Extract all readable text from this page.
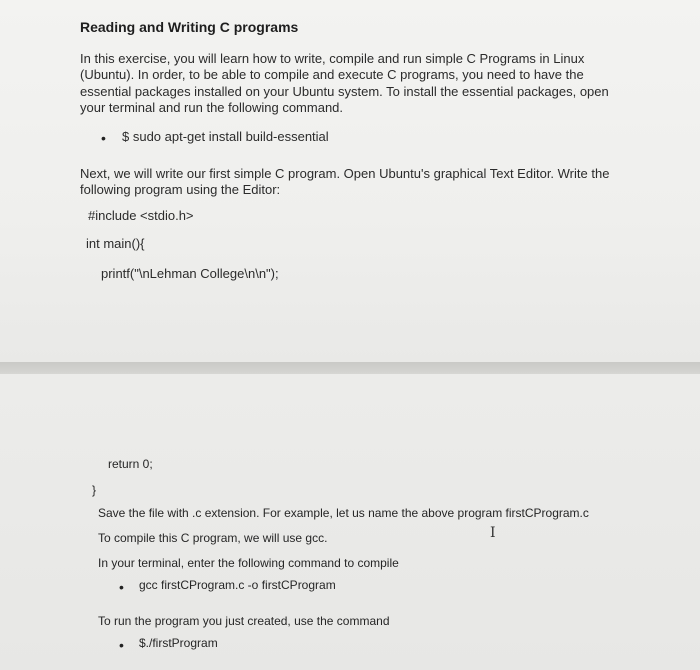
Reading and Writing C programs
In this exercise, you will learn how to write, compile and run simple C Programs in Linux
(Ubuntu). In order, to be able to compile and execute C programs, you need to have the
essential packages installed on your Ubuntu system. To install the essential packages, open
your terminal and run the following command.
• $ sudo apt-get install build-essential
Next, we will write our first simple C program. Open Ubuntu's graphical Text Editor. Write the
following program using the Editor:
#include <stdio.h>
int main(){
printf("\nLehman College\n\n");
return 0;
}
Save the file with .c extension. For example, let us name the above program firstCProgram.c
I
To compile this C program, we will use gcc.
In your terminal, enter the following command to compile
• gcc firstCProgram.c -o firstCProgram
To run the program you just created, use the command
• $./firstProgram
